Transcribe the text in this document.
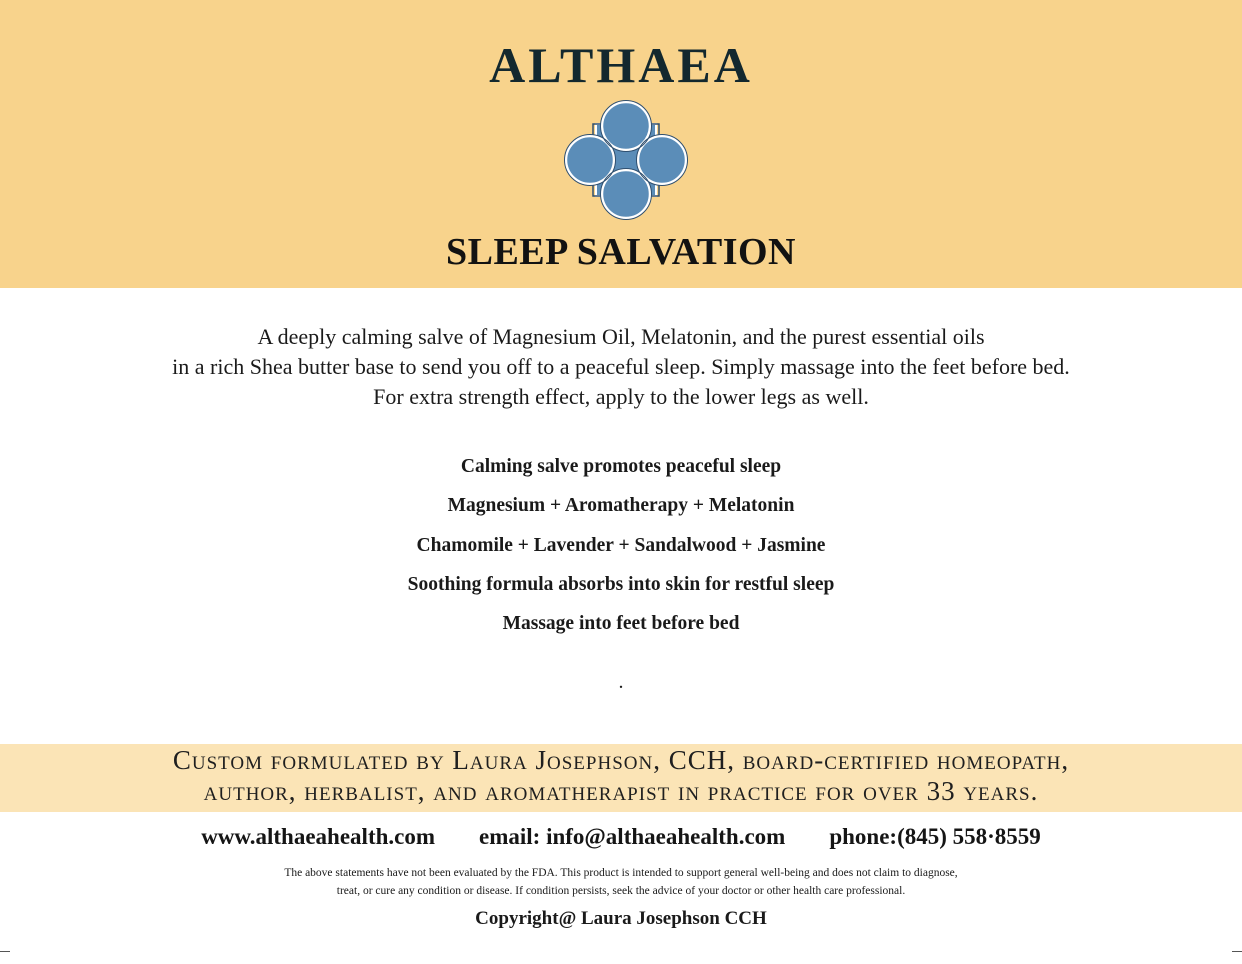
ALTHAEA
SLEEP SALVATION
A deeply calming salve of Magnesium Oil, Melatonin, and the purest essential oils
in a rich Shea butter base to send you off to a peaceful sleep. Simply massage into the feet before bed.
For extra strength effect, apply to the lower legs as well.
Calming salve promotes peaceful sleep
Magnesium + Aromatherapy + Melatonin
Chamomile + Lavender + Sandalwood + Jasmine
Soothing formula absorbs into skin for restful sleep
Massage into feet before bed
.
Custom formulated by Laura Josephson, CCH, board-certified homeopath,
author, herbalist, and aromatherapist in practice for over 33 years.
www.althaeahealth.com email: info@althaeahealth.com phone:(845) 558·8559
The above statements have not been evaluated by the FDA. This product is intended to support general well-being and does not claim to diagnose,
treat, or cure any condition or disease. If condition persists, seek the advice of your doctor or other health care professional.
Copyright@ Laura Josephson CCH
